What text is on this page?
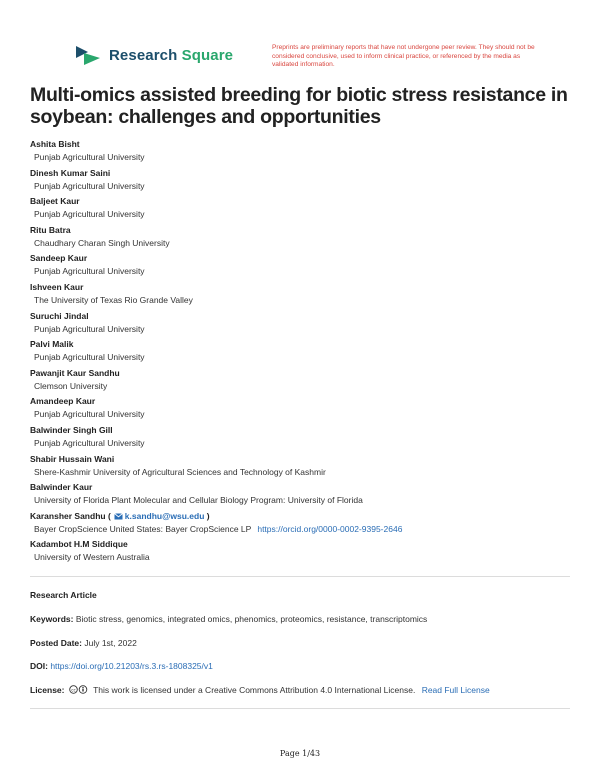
Research Square	Preprints are preliminary reports that have not undergone peer review. They should not be considered conclusive, used to inform clinical practice, or referenced by the media as validated information.
Multi-omics assisted breeding for biotic stress resistance in soybean: challenges and opportunities
Ashita Bisht
Punjab Agricultural University
Dinesh Kumar Saini
Punjab Agricultural University
Baljeet Kaur
Punjab Agricultural University
Ritu Batra
Chaudhary Charan Singh University
Sandeep Kaur
Punjab Agricultural University
Ishveen Kaur
The University of Texas Rio Grande Valley
Suruchi Jindal
Punjab Agricultural University
Palvi Malik
Punjab Agricultural University
Pawanjit Kaur Sandhu
Clemson University
Amandeep Kaur
Punjab Agricultural University
Balwinder Singh Gill
Punjab Agricultural University
Shabir Hussain Wani
Shere-Kashmir University of Agricultural Sciences and Technology of Kashmir
Balwinder Kaur
University of Florida Plant Molecular and Cellular Biology Program: University of Florida
Karansher Sandhu ( k.sandhu@wsu.edu )
Bayer CropScience United States: Bayer CropScience LP https://orcid.org/0000-0002-9395-2646
Kadambot H.M Siddique
University of Western Australia
Research Article
Keywords: Biotic stress, genomics, integrated omics, phenomics, proteomics, resistance, transcriptomics
Posted Date: July 1st, 2022
DOI: https://doi.org/10.21203/rs.3.rs-1808325/v1
License: cc This work is licensed under a Creative Commons Attribution 4.0 International License. Read Full License
Page 1/43
